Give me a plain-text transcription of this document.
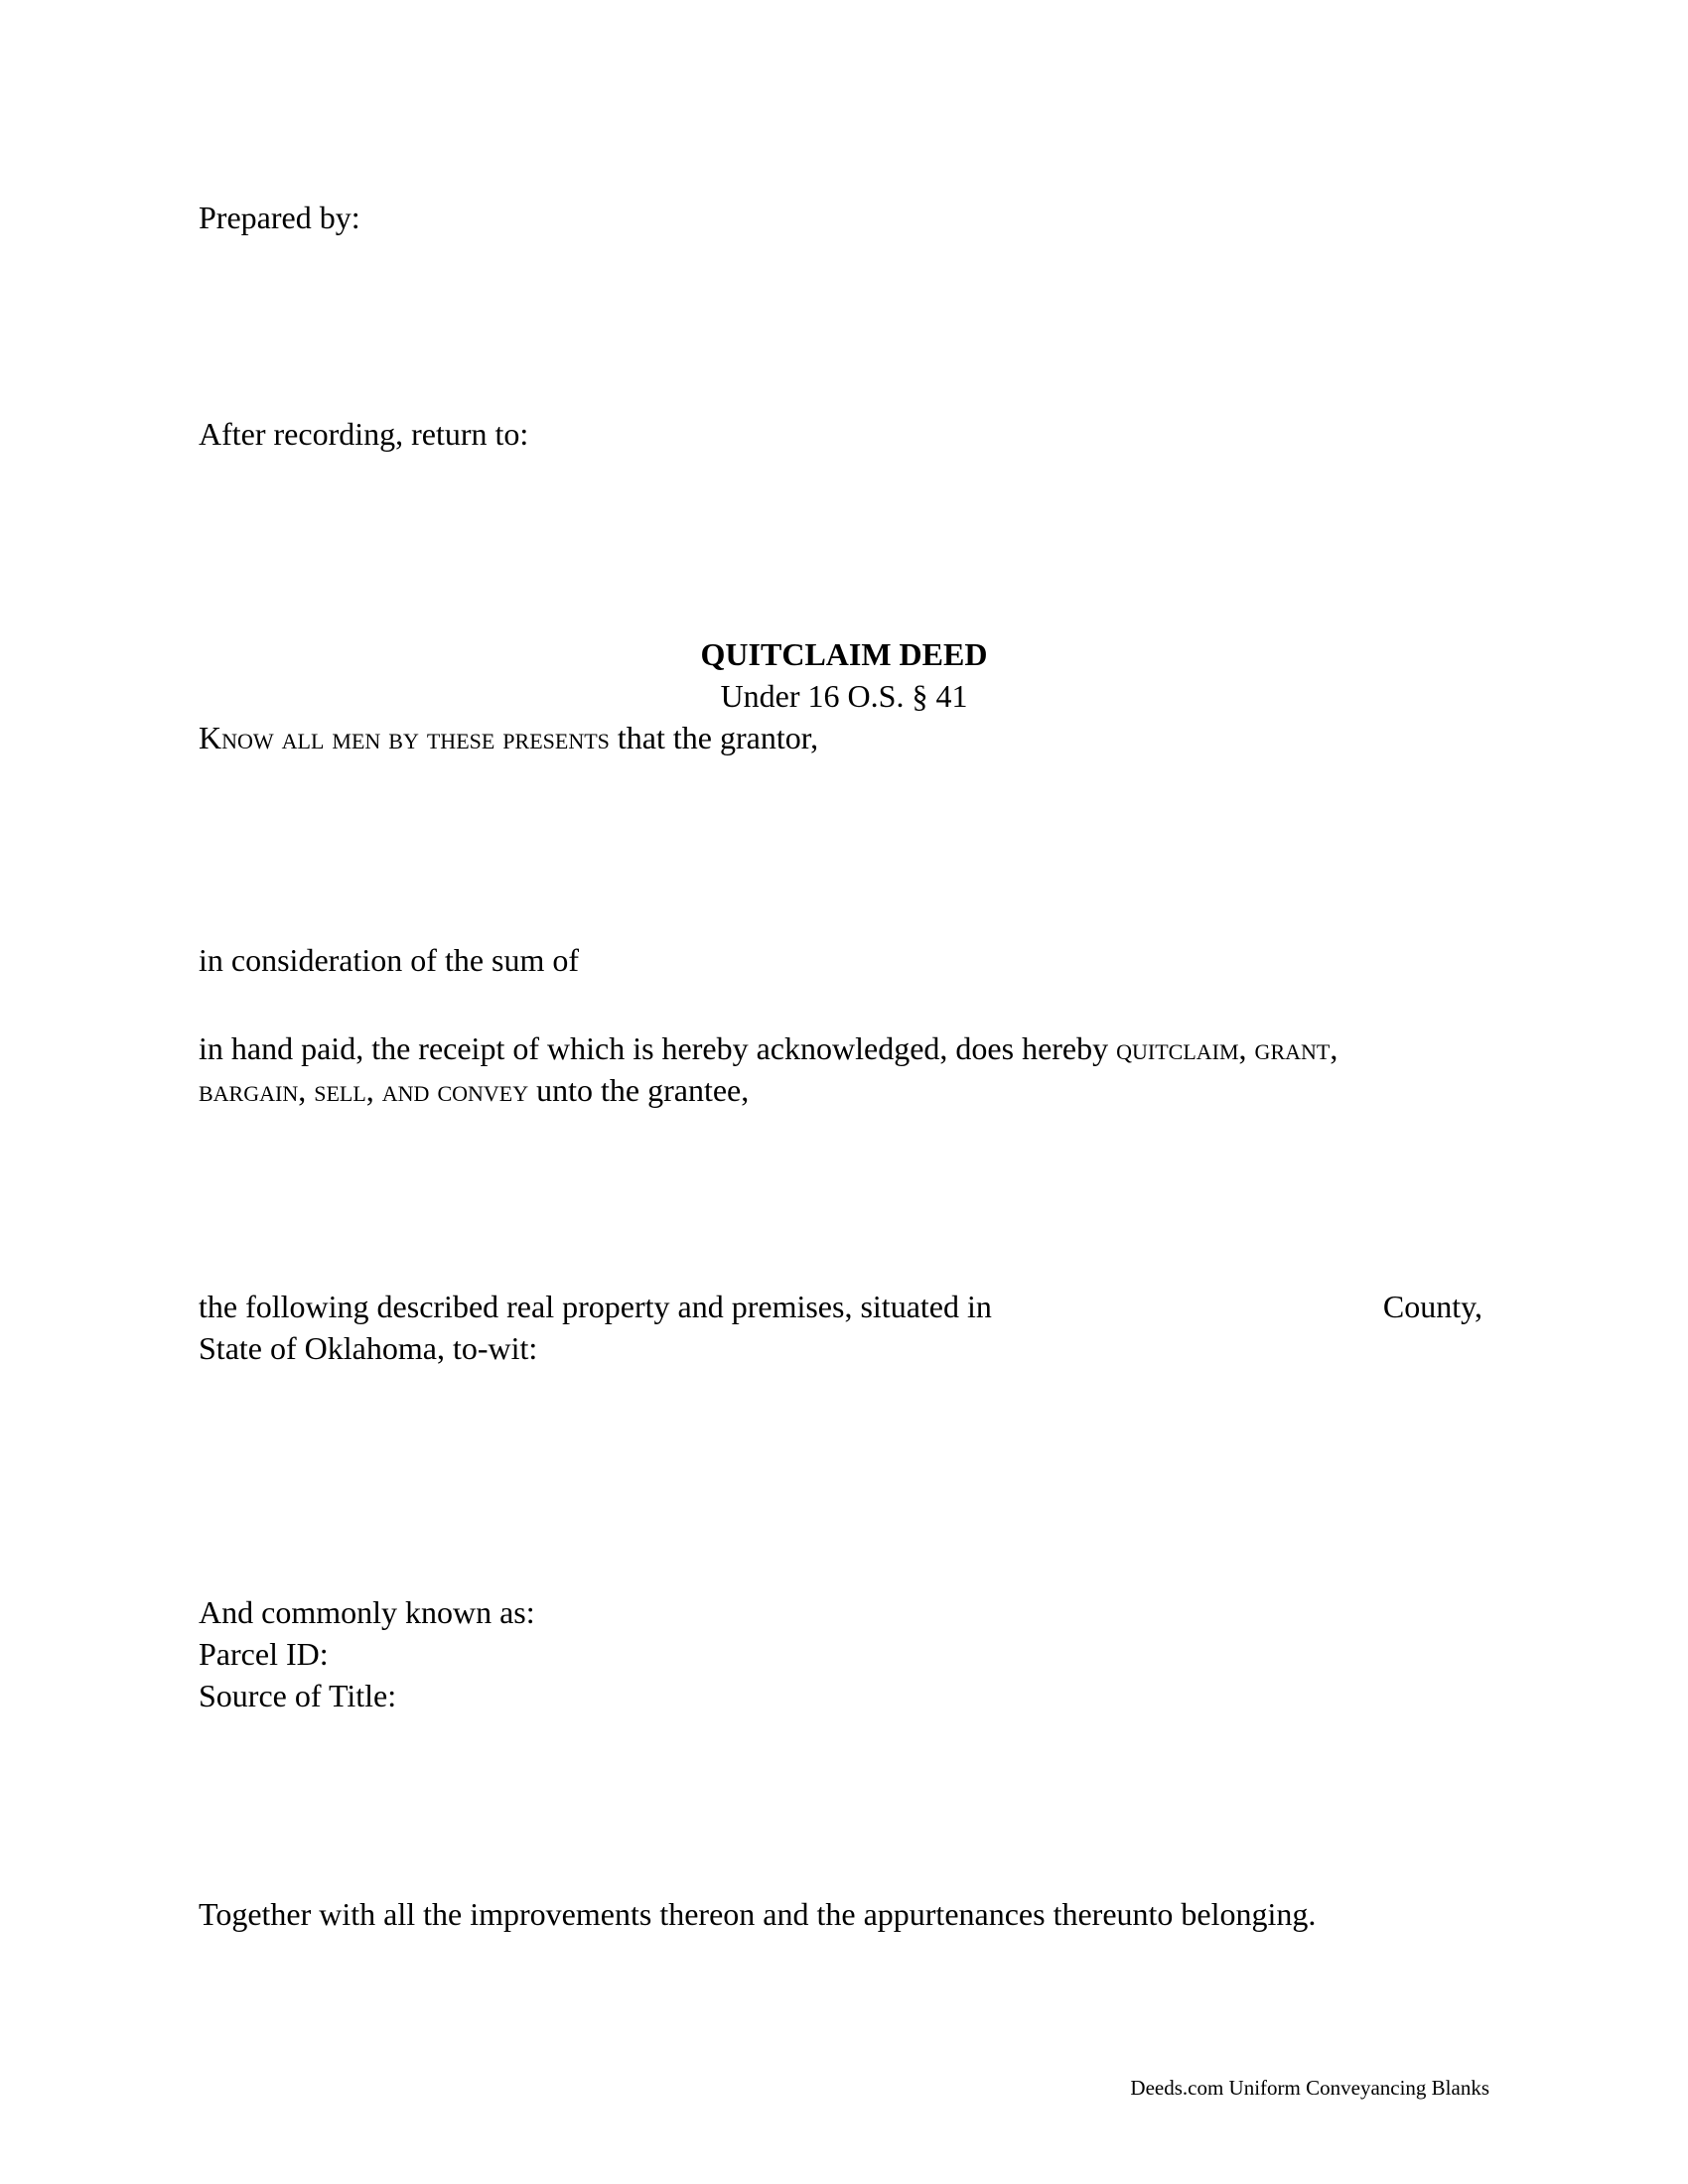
Prepared by:
After recording, return to:
QUITCLAIM DEED
Under 16 O.S. § 41
Know all men by these presents that the grantor,
in consideration of the sum of
in hand paid, the receipt of which is hereby acknowledged, does hereby quitclaim, grant,
bargain, sell, and convey unto the grantee,
the following described real property and premises, situated in	County,
State of Oklahoma, to-wit:
And commonly known as:
Parcel ID:
Source of Title:
Together with all the improvements thereon and the appurtenances thereunto belonging.
Deeds.com Uniform Conveyancing Blanks
